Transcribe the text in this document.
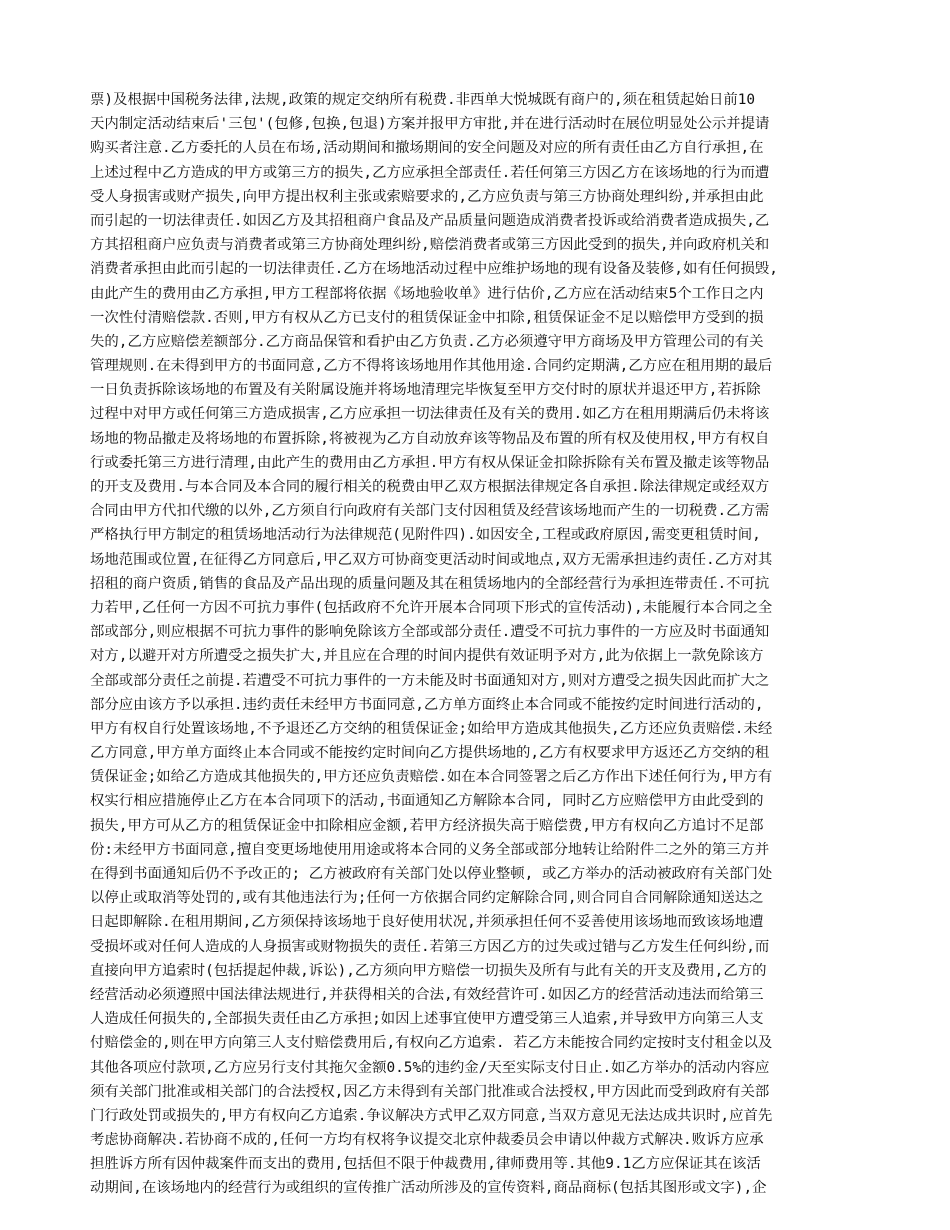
票)及根据中国税务法律,法规,政策的规定交纳所有税费.非西单大悦城既有商户的,须在租赁起始日前10
天内制定活动结束后'三包'(包修,包换,包退)方案并报甲方审批,并在进行活动时在展位明显处公示并提请
购买者注意.乙方委托的人员在布场,活动期间和撤场期间的安全问题及对应的所有责任由乙方自行承担,在
上述过程中乙方造成的甲方或第三方的损失,乙方应承担全部责任.若任何第三方因乙方在该场地的行为而遭
受人身损害或财产损失,向甲方提出权利主张或索赔要求的,乙方应负责与第三方协商处理纠纷,并承担由此
而引起的一切法律责任.如因乙方及其招租商户食品及产品质量问题造成消费者投诉或给消费者造成损失,乙
方其招租商户应负责与消费者或第三方协商处理纠纷,赔偿消费者或第三方因此受到的损失,并向政府机关和
消费者承担由此而引起的一切法律责任.乙方在场地活动过程中应维护场地的现有设备及装修,如有任何损毁,
由此产生的费用由乙方承担,甲方工程部将依据《场地验收单》进行估价,乙方应在活动结束5个工作日之内
一次性付清赔偿款.否则,甲方有权从乙方已支付的租赁保证金中扣除,租赁保证金不足以赔偿甲方受到的损
失的,乙方应赔偿差额部分.乙方商品保管和看护由乙方负责.乙方必须遵守甲方商场及甲方管理公司的有关
管理规则.在未得到甲方的书面同意,乙方不得将该场地用作其他用途.合同约定期满,乙方应在租用期的最后
一日负责拆除该场地的布置及有关附属设施并将场地清理完毕恢复至甲方交付时的原状并退还甲方,若拆除
过程中对甲方或任何第三方造成损害,乙方应承担一切法律责任及有关的费用.如乙方在租用期满后仍未将该
场地的物品撤走及将场地的布置拆除,将被视为乙方自动放弃该等物品及布置的所有权及使用权,甲方有权自
行或委托第三方进行清理,由此产生的费用由乙方承担.甲方有权从保证金扣除拆除有关布置及撤走该等物品
的开支及费用.与本合同及本合同的履行相关的税费由甲乙双方根据法律规定各自承担.除法律规定或经双方
合同由甲方代扣代缴的以外,乙方须自行向政府有关部门支付因租赁及经营该场地而产生的一切税费.乙方需
严格执行甲方制定的租赁场地活动行为法律规范(见附件四).如因安全,工程或政府原因,需变更租赁时间,
场地范围或位置,在征得乙方同意后,甲乙双方可协商变更活动时间或地点,双方无需承担违约责任.乙方对其
招租的商户资质,销售的食品及产品出现的质量问题及其在租赁场地内的全部经营行为承担连带责任.不可抗
力若甲,乙任何一方因不可抗力事件(包括政府不允许开展本合同项下形式的宣传活动),未能履行本合同之全
部或部分,则应根据不可抗力事件的影响免除该方全部或部分责任.遭受不可抗力事件的一方应及时书面通知
对方,以避开对方所遭受之损失扩大,并且应在合理的时间内提供有效证明予对方,此为依据上一款免除该方
全部或部分责任之前提.若遭受不可抗力事件的一方未能及时书面通知对方,则对方遭受之损失因此而扩大之
部分应由该方予以承担.违约责任未经甲方书面同意,乙方单方面终止本合同或不能按约定时间进行活动的,
甲方有权自行处置该场地,不予退还乙方交纳的租赁保证金;如给甲方造成其他损失,乙方还应负责赔偿.未经
乙方同意,甲方单方面终止本合同或不能按约定时间向乙方提供场地的,乙方有权要求甲方返还乙方交纳的租
赁保证金;如给乙方造成其他损失的,甲方还应负责赔偿.如在本合同签署之后乙方作出下述任何行为,甲方有
权实行相应措施停止乙方在本合同项下的活动,书面通知乙方解除本合同, 同时乙方应赔偿甲方由此受到的
损失,甲方可从乙方的租赁保证金中扣除相应金额,若甲方经济损失高于赔偿费,甲方有权向乙方追讨不足部
份:未经甲方书面同意,擅自变更场地使用用途或将本合同的义务全部或部分地转让给附件二之外的第三方并
在得到书面通知后仍不予改正的; 乙方被政府有关部门处以停业整顿, 或乙方举办的活动被政府有关部门处
以停止或取消等处罚的,或有其他违法行为;任何一方依据合同约定解除合同,则合同自合同解除通知送达之
日起即解除.在租用期间,乙方须保持该场地于良好使用状况,并须承担任何不妥善使用该场地而致该场地遭
受损坏或对任何人造成的人身损害或财物损失的责任.若第三方因乙方的过失或过错与乙方发生任何纠纷,而
直接向甲方追索时(包括提起仲裁,诉讼),乙方须向甲方赔偿一切损失及所有与此有关的开支及费用,乙方的
经营活动必须遵照中国法律法规进行,并获得相关的合法,有效经营许可.如因乙方的经营活动违法而给第三
人造成任何损失的,全部损失责任由乙方承担;如因上述事宜使甲方遭受第三人追索,并导致甲方向第三人支
付赔偿金的,则在甲方向第三人支付赔偿费用后,有权向乙方追索. 若乙方未能按合同约定按时支付租金以及
其他各项应付款项,乙方应另行支付其拖欠金额0.5%的违约金/天至实际支付日止.如乙方举办的活动内容应
须有关部门批准或相关部门的合法授权,因乙方未得到有关部门批准或合法授权,甲方因此而受到政府有关部
门行政处罚或损失的,甲方有权向乙方追索.争议解决方式甲乙双方同意,当双方意见无法达成共识时,应首先
考虑协商解决.若协商不成的,任何一方均有权将争议提交北京仲裁委员会申请以仲裁方式解决.败诉方应承
担胜诉方所有因仲裁案件而支出的费用,包括但不限于仲裁费用,律师费用等.其他9.1乙方应保证其在该活
动期间,在该场地内的经营行为或组织的宣传推广活动所涉及的宣传资料,商品商标(包括其图形或文字),企
